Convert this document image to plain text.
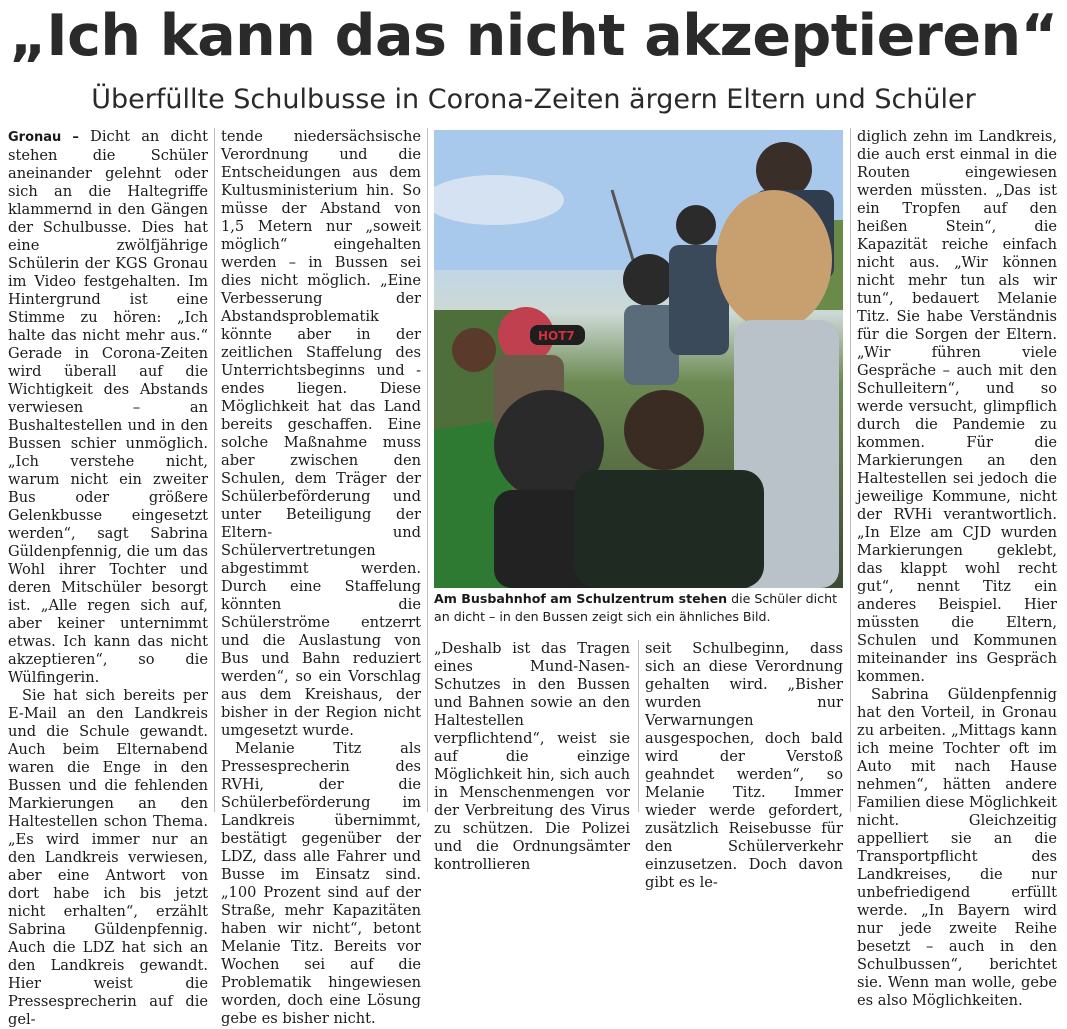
„Ich kann das nicht akzeptieren“
Überfüllte Schulbusse in Corona-Zeiten ärgern Eltern und Schüler

Gronau – Dicht an dicht stehen die Schüler aneinander gelehnt oder sich an die Haltegriffe klammernd in den Gängen der Schulbusse. Dies hat eine zwölfjährige Schülerin der KGS Gronau im Video festgehalten. Im Hintergrund ist eine Stimme zu hören: „Ich halte das nicht mehr aus.“ Gerade in Corona-Zeiten wird überall auf die Wichtigkeit des Abstands verwiesen – an Bushaltestellen und in den Bussen schier unmöglich. „Ich verstehe nicht, warum nicht ein zweiter Bus oder größere Gelenkbusse eingesetzt werden“, sagt Sabrina Güldenpfennig, die um das Wohl ihrer Tochter und deren Mitschüler besorgt ist. „Alle regen sich auf, aber keiner unternimmt etwas. Ich kann das nicht akzeptieren“, so die Wülfingerin.

Sie hat sich bereits per E-Mail an den Landkreis und die Schule gewandt. Auch beim Elternabend waren die Enge in den Bussen und die fehlenden Markierungen an den Haltestellen schon Thema. „Es wird immer nur an den Landkreis verwiesen, aber eine Antwort von dort habe ich bis jetzt nicht erhalten“, erzählt Sabrina Güldenpfennig. Auch die LDZ hat sich an den Landkreis gewandt. Hier weist die Pressesprecherin auf die gel-

tende niedersächsische Verordnung und die Entscheidungen aus dem Kultusministerium hin. So müsse der Abstand von 1,5 Metern nur „soweit möglich“ eingehalten werden – in Bussen sei dies nicht möglich. „Eine Verbesserung der Abstandsproblematik könnte aber in der zeitlichen Staffelung des Unterrichtsbeginns und -endes liegen. Diese Möglichkeit hat das Land bereits geschaffen. Eine solche Maßnahme muss aber zwischen den Schulen, dem Träger der Schülerbeförderung und unter Beteiligung der Eltern- und Schülervertretungen abgestimmt werden. Durch eine Staffelung könnten die Schülerströme entzerrt und die Auslastung von Bus und Bahn reduziert werden“, so ein Vorschlag aus dem Kreishaus, der bisher in der Region nicht umgesetzt wurde.

Melanie Titz als Pressesprecherin des RVHi, der die Schülerbeförderung im Landkreis übernimmt, bestätigt gegenüber der LDZ, dass alle Fahrer und Busse im Einsatz sind. „100 Prozent sind auf der Straße, mehr Kapazitäten haben wir nicht“, betont Melanie Titz. Bereits vor Wochen sei auf die Problematik hingewiesen worden, doch eine Lösung gebe es bisher nicht.

HOT7

Am Busbahnhof am Schulzentrum stehen die Schüler dicht an dicht – in den Bussen zeigt sich ein ähnliches Bild.

„Deshalb ist das Tragen eines Mund-Nasen-Schutzes in den Bussen und Bahnen sowie an den Haltestellen verpflichtend“, weist sie auf die einzige Möglichkeit hin, sich auch in Menschenmengen vor der Verbreitung des Virus zu schützen. Die Polizei und die Ordnungsämter kontrollieren

seit Schulbeginn, dass sich an diese Verordnung gehalten wird. „Bisher wurden nur Verwarnungen ausgespochen, doch bald wird der Verstoß geahndet werden“, so Melanie Titz. Immer wieder werde gefordert, zusätzlich Reisebusse für den Schülerverkehr einzusetzen. Doch davon gibt es le-

diglich zehn im Landkreis, die auch erst einmal in die Routen eingewiesen werden müssten. „Das ist ein Tropfen auf den heißen Stein“, die Kapazität reiche einfach nicht aus. „Wir können nicht mehr tun als wir tun“, bedauert Melanie Titz. Sie habe Verständnis für die Sorgen der Eltern. „Wir führen viele Gespräche – auch mit den Schulleitern“, und so werde versucht, glimpflich durch die Pandemie zu kommen. Für die Markierungen an den Haltestellen sei jedoch die jeweilige Kommune, nicht der RVHi verantwortlich. „In Elze am CJD wurden Markierungen geklebt, das klappt wohl recht gut“, nennt Titz ein anderes Beispiel. Hier müssten die Eltern, Schulen und Kommunen miteinander ins Gespräch kommen.

Sabrina Güldenpfennig hat den Vorteil, in Gronau zu arbeiten. „Mittags kann ich meine Tochter oft im Auto mit nach Hause nehmen“, hätten andere Familien diese Möglichkeit nicht. Gleichzeitig appelliert sie an die Transportpflicht des Landkreises, die nur unbefriedigend erfüllt werde. „In Bayern wird nur jede zweite Reihe besetzt – auch in den Schulbussen“, berichtet sie. Wenn man wolle, gebe es also Möglichkeiten.
